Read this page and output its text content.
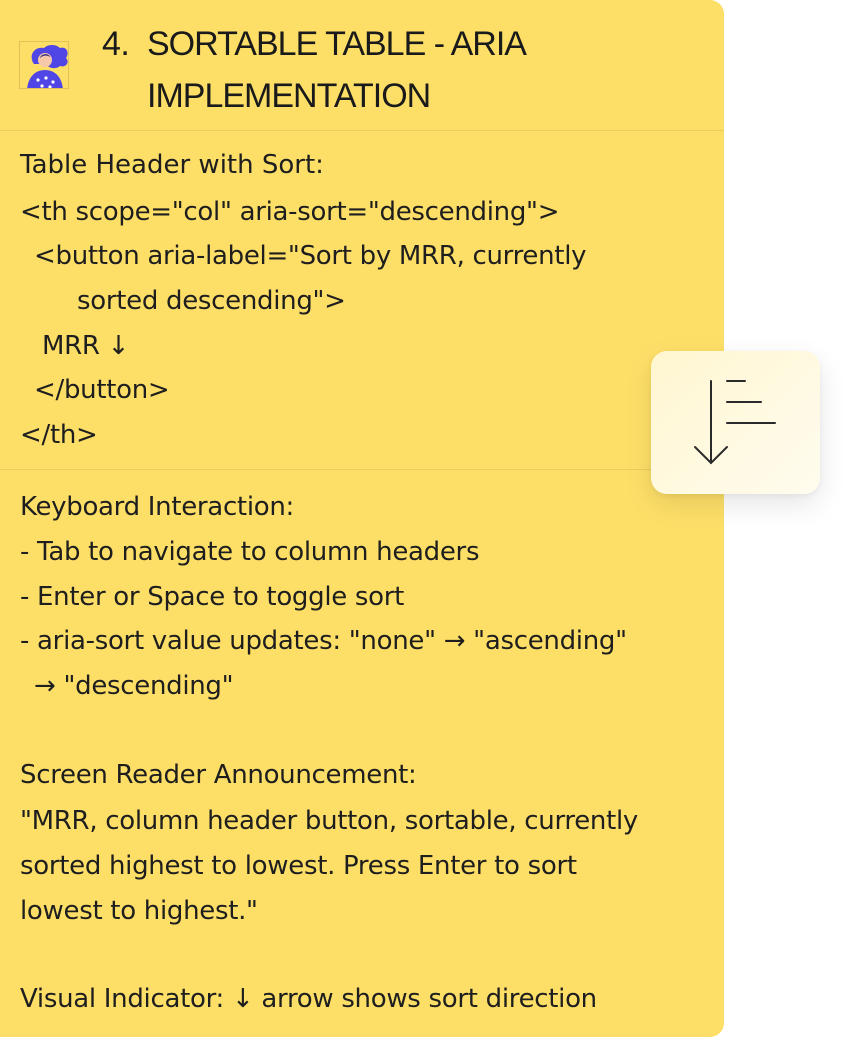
4. SORTABLE TABLE - ARIA
IMPLEMENTATION
Table Header with Sort:
<th scope="col" aria-sort="descending">
<button aria-label="Sort by MRR, currently
sorted descending">
MRR ↓
</button>
</th>
Keyboard Interaction:
- Tab to navigate to column headers
- Enter or Space to toggle sort
- aria-sort value updates: "none" → "ascending"
→ "descending"
Screen Reader Announcement:
"MRR, column header button, sortable, currently
sorted highest to lowest. Press Enter to sort
lowest to highest."
Visual Indicator: ↓ arrow shows sort direction
